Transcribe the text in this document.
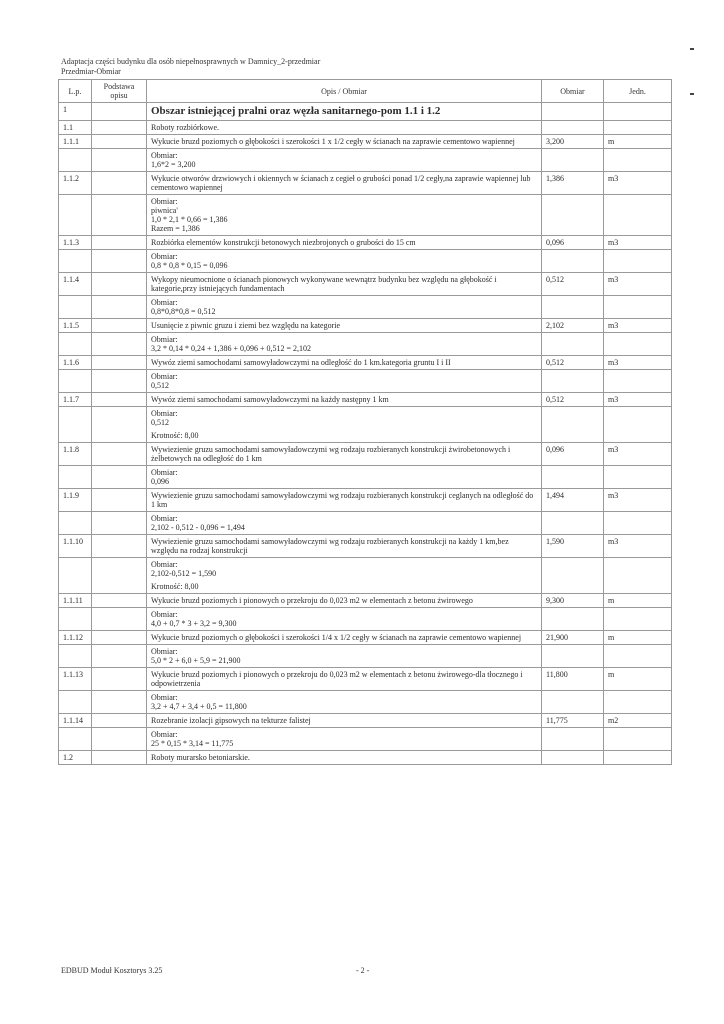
Adaptacja części budynku dla osób niepełnosprawnych w Damnicy_2-przedmiar
Przedmiar-Obmiar
L.p.	Podstawa opisu	Opis / Obmiar	Obmiar	Jedn.
1		Obszar istniejącej pralni oraz węzła sanitarnego-pom 1.1 i 1.2		
1.1		Roboty rozbiórkowe.		
1.1.1		Wykucie bruzd poziomych o głębokości i szerokości 1 x 1/2 cegły w ścianach na zaprawie cementowo wapiennej	3,200	m

		Obmiar:
1,6*2 = 3,200		

1.1.2		Wykucie otworów drzwiowych i okiennych w ścianach z cegieł o grubości ponad 1/2 cegły,na zaprawie wapiennej lub cementowo wapiennej	1,386	m3

		Obmiar:
piwnica'
1,0 * 2,1 * 0,66 = 1,386
Razem = 1,386		

1.1.3		Rozbiórka elementów konstrukcji betonowych niezbrojonych o grubości do 15 cm	0,096	m3

		Obmiar:
0,8 * 0,8 * 0,15 = 0,096		

1.1.4		Wykopy nieumocnione o ścianach pionowych wykonywane wewnątrz budynku bez względu na głębokość i kategorie,przy istniejących fundamentach	0,512	m3

		Obmiar:
0,8*0,8*0,8 = 0,512		

1.1.5		Usunięcie z piwnic gruzu i ziemi bez względu na kategorie	2,102	m3

		Obmiar:
3,2 * 0,14 * 0,24 + 1,386 + 0,096 + 0,512 = 2,102		

1.1.6		Wywóz ziemi samochodami samowyładowczymi na odległość do 1 km.kategoria gruntu I i II	0,512	m3

		Obmiar:
0,512		

1.1.7		Wywóz ziemi samochodami samowyładowczymi na każdy następny 1 km	0,512	m3

		Obmiar:
0,512
Krotność: 8,00		

1.1.8		Wywiezienie gruzu samochodami samowyładowczymi wg rodzaju rozbieranych konstrukcji żwirobetonowych i żelbetowych na odległość do 1 km	0,096	m3

		Obmiar:
0,096		

1.1.9		Wywiezienie gruzu samochodami samowyładowczymi wg rodzaju rozbieranych konstrukcji ceglanych na odległość do 1 km	1,494	m3

		Obmiar:
2,102 - 0,512 - 0,096 = 1,494		

1.1.10		Wywiezienie gruzu samochodami samowyładowczymi wg rodzaju rozbieranych konstrukcji na każdy 1 km,bez względu na rodzaj konstrukcji	1,590	m3

		Obmiar:
2,102-0,512 = 1,590
Krotność: 8,00		

1.1.11		Wykucie bruzd poziomych i pionowych o przekroju do 0,023 m2 w elementach z betonu żwirowego	9,300	m

		Obmiar:
4,0 + 0,7 * 3 + 3,2 = 9,300		

1.1.12		Wykucie bruzd poziomych o głębokości i szerokości 1/4 x 1/2 cegły w ścianach na zaprawie cementowo wapiennej	21,900	m

		Obmiar:
5,0 * 2 + 6,0 + 5,9 = 21,900		

1.1.13		Wykucie bruzd poziomych i pionowych o przekroju do 0,023 m2 w elementach z betonu żwirowego-dla tłocznego i odpowietrzenia	11,800	m

		Obmiar:
3,2 + 4,7 + 3,4 + 0,5 = 11,800		

1.1.14		Rozebranie izolacji gipsowych na tekturze falistej	11,775	m2

		Obmiar:
25 * 0,15 * 3,14 = 11,775		

1.2		Roboty murarsko betoniarskie.		
EDBUD Moduł Kosztorys 3.25	- 2 -
